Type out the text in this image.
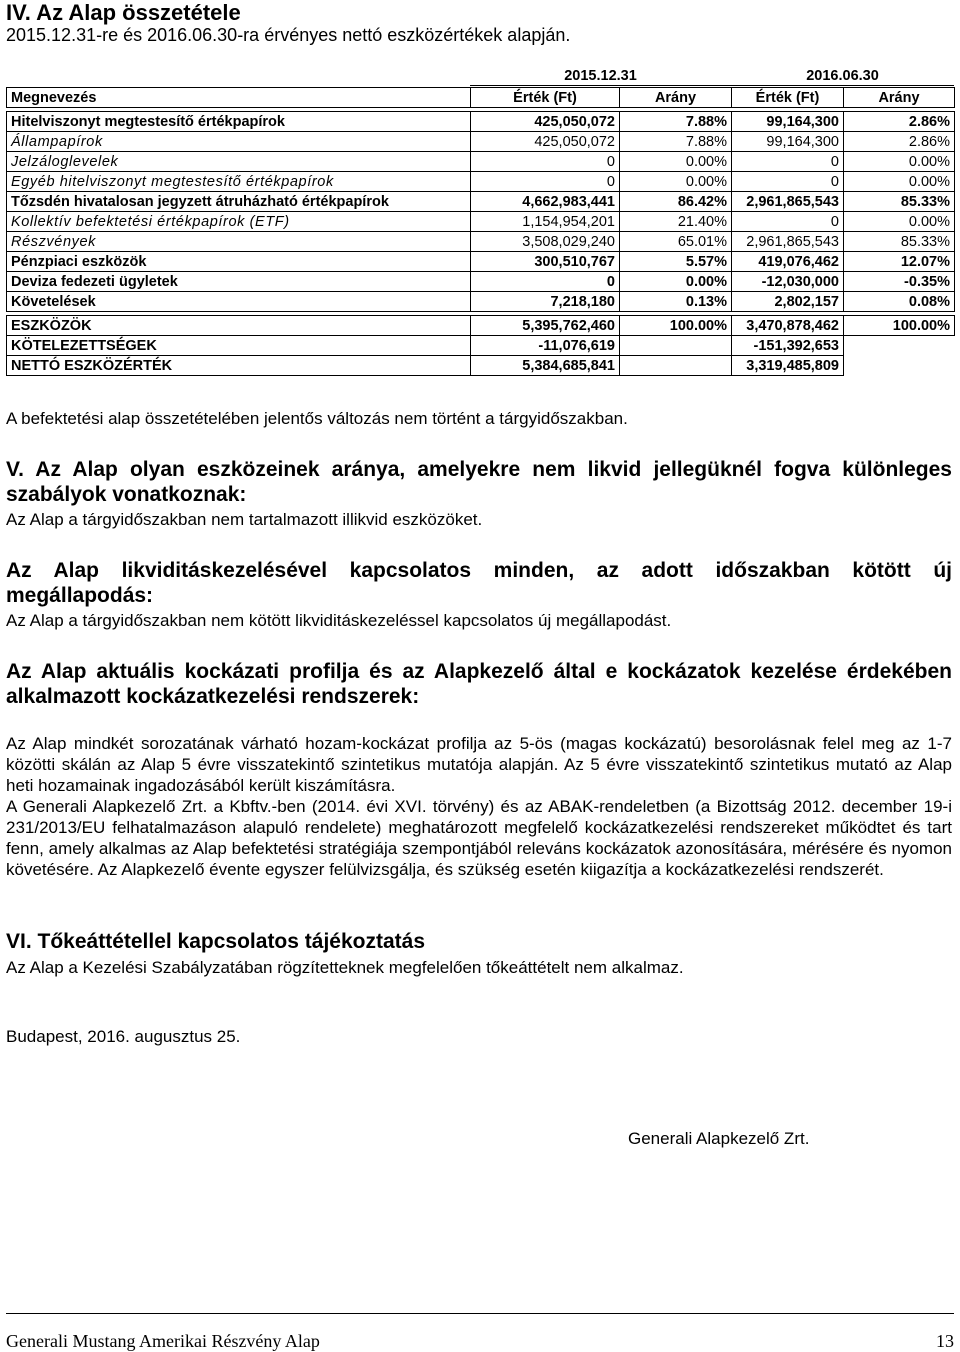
IV. Az Alap összetétele
2015.12.31-re és 2016.06.30-ra érvényes nettó eszközértékek alapján.
	2015.12.31	2016.06.30
Megnevezés	Érték (Ft)	Arány	Érték (Ft)	Arány

Hitelviszonyt megtestesítő értékpapírok	425,050,072	7.88%	99,164,300	2.86%
Állampapírok	425,050,072	7.88%	99,164,300	2.86%
Jelzáloglevelek	0	0.00%	0	0.00%
Egyéb hitelviszonyt megtestesítő értékpapírok	0	0.00%	0	0.00%
Tőzsdén hivatalosan jegyzett átruházható értékpapírok	4,662,983,441	86.42%	2,961,865,543	85.33%
Kollektív befektetési értékpapírok (ETF)	1,154,954,201	21.40%	0	0.00%
Részvények	3,508,029,240	65.01%	2,961,865,543	85.33%
Pénzpiaci eszközök	300,510,767	5.57%	419,076,462	12.07%
Deviza fedezeti ügyletek	0	0.00%	-12,030,000	-0.35%
Követelések	7,218,180	0.13%	2,802,157	0.08%

ESZKÖZÖK	5,395,762,460	100.00%	3,470,878,462	100.00%
KÖTELEZETTSÉGEK	-11,076,619		-151,392,653	
NETTÓ ESZKÖZÉRTÉK	5,384,685,841		3,319,485,809	
A befektetési alap összetételében jelentős változás nem történt a tárgyidőszakban.
V. Az Alap olyan eszközeinek aránya, amelyekre nem likvid jellegüknél fogva különleges szabályok vonatkoznak:
Az Alap a tárgyidőszakban nem tartalmazott illikvid eszközöket.
Az Alap likviditáskezelésével kapcsolatos minden, az adott időszakban kötött új megállapodás:
Az Alap a tárgyidőszakban nem kötött likviditáskezeléssel kapcsolatos új megállapodást.
Az Alap aktuális kockázati profilja és az Alapkezelő által e kockázatok kezelése érdekében alkalmazott kockázatkezelési rendszerek:
Az Alap mindkét sorozatának várható hozam-kockázat profilja az 5-ös (magas kockázatú) besorolásnak felel meg az 1-7 közötti skálán az Alap 5 évre visszatekintő szintetikus mutatója alapján. Az 5 évre visszatekintő szintetikus mutató az Alap heti hozamainak ingadozásából került kiszámításra.
A Generali Alapkezelő Zrt. a Kbftv.-ben (2014. évi XVI. törvény) és az ABAK-rendeletben (a Bizottság 2012. december 19-i 231/2013/EU felhatalmazáson alapuló rendelete) meghatározott megfelelő kockázatkezelési rendszereket működtet és tart fenn, amely alkalmas az Alap befektetési stratégiája szempontjából releváns kockázatok azonosítására, mérésére és nyomon követésére. Az Alapkezelő évente egyszer felülvizsgálja, és szükség esetén kiigazítja a kockázatkezelési rendszerét.
VI. Tőkeáttétellel kapcsolatos tájékoztatás
Az Alap a Kezelési Szabályzatában rögzítetteknek megfelelően tőkeáttételt nem alkalmaz.
Budapest, 2016. augusztus 25.
Generali Alapkezelő Zrt.
Generali Mustang Amerikai Részvény Alap	13
